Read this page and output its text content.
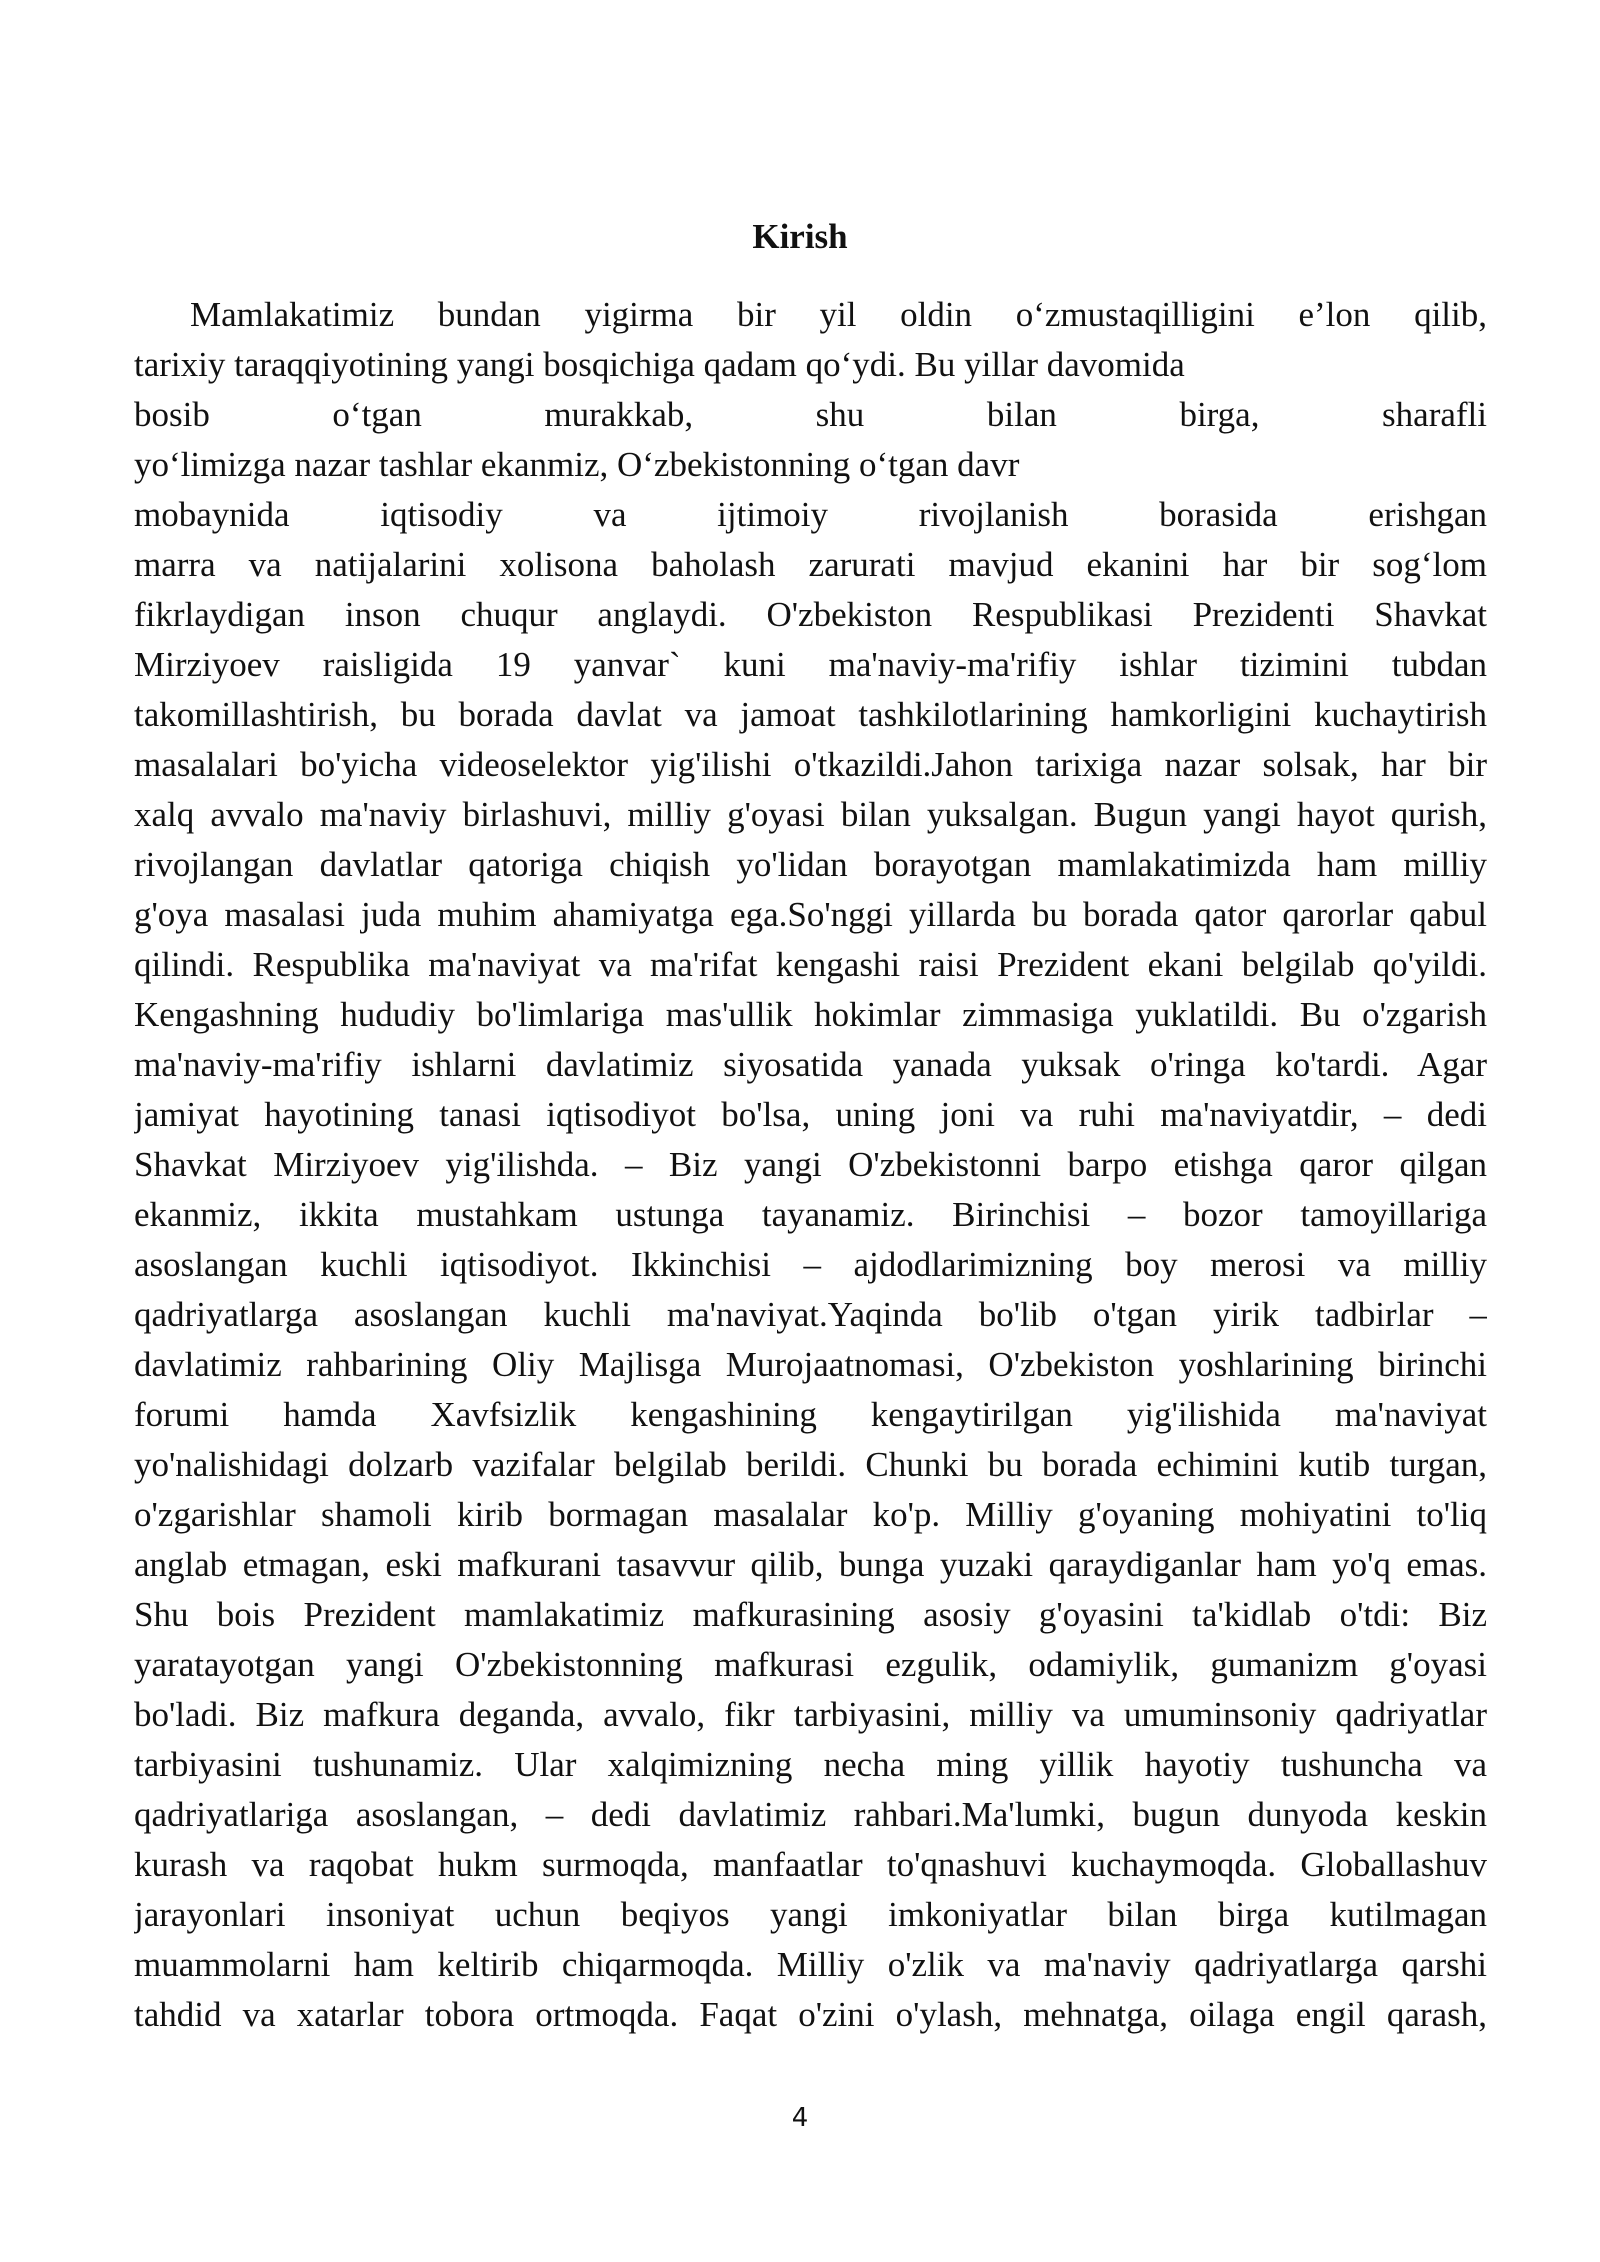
Kirish
Mamlakatimiz bundan yigirma bir yil oldin o‘zmustaqilligini e’lon qilib,
tarixiy taraqqiyotining yangi bosqichiga qadam qo‘ydi. Bu yillar davomida
bosib o‘tgan murakkab, shu bilan birga, sharafli
yo‘limizga nazar tashlar ekanmiz, O‘zbekistonning o‘tgan davr
mobaynida iqtisodiy va ijtimoiy rivojlanish borasida erishgan
marra va natijalarini xolisona baholash zarurati mavjud ekanini har bir sog‘lom
fikrlaydigan inson chuqur anglaydi. O'zbekiston Respublikasi Prezidenti Shavkat
Mirziyoev raisligida 19 yanvar` kuni ma'naviy-ma'rifiy ishlar tizimini tubdan
takomillashtirish, bu borada davlat va jamoat tashkilotlarining hamkorligini kuchaytirish
masalalari bo'yicha videoselektor yig'ilishi o'tkazildi.Jahon tarixiga nazar solsak, har bir
xalq avvalo ma'naviy birlashuvi, milliy g'oyasi bilan yuksalgan. Bugun yangi hayot qurish,
rivojlangan davlatlar qatoriga chiqish yo'lidan borayotgan mamlakatimizda ham milliy
g'oya masalasi juda muhim ahamiyatga ega.So'nggi yillarda bu borada qator qarorlar qabul
qilindi. Respublika ma'naviyat va ma'rifat kengashi raisi Prezident ekani belgilab qo'yildi.
Kengashning hududiy bo'limlariga mas'ullik hokimlar zimmasiga yuklatildi. Bu o'zgarish
ma'naviy-ma'rifiy ishlarni davlatimiz siyosatida yanada yuksak o'ringa ko'tardi. Agar
jamiyat hayotining tanasi iqtisodiyot bo'lsa, uning joni va ruhi ma'naviyatdir, – dedi
Shavkat Mirziyoev yig'ilishda. – Biz yangi O'zbekistonni barpo etishga qaror qilgan
ekanmiz, ikkita mustahkam ustunga tayanamiz. Birinchisi – bozor tamoyillariga
asoslangan kuchli iqtisodiyot. Ikkinchisi – ajdodlarimizning boy merosi va milliy
qadriyatlarga asoslangan kuchli ma'naviyat.Yaqinda bo'lib o'tgan yirik tadbirlar –
davlatimiz rahbarining Oliy Majlisga Murojaatnomasi, O'zbekiston yoshlarining birinchi
forumi hamda Xavfsizlik kengashining kengaytirilgan yig'ilishida ma'naviyat
yo'nalishidagi dolzarb vazifalar belgilab berildi. Chunki bu borada echimini kutib turgan,
o'zgarishlar shamoli kirib bormagan masalalar ko'p. Milliy g'oyaning mohiyatini to'liq
anglab etmagan, eski mafkurani tasavvur qilib, bunga yuzaki qaraydiganlar ham yo'q emas.
Shu bois Prezident mamlakatimiz mafkurasining asosiy g'oyasini ta'kidlab o'tdi: Biz
yaratayotgan yangi O'zbekistonning mafkurasi ezgulik, odamiylik, gumanizm g'oyasi
bo'ladi. Biz mafkura deganda, avvalo, fikr tarbiyasini, milliy va umuminsoniy qadriyatlar
tarbiyasini tushunamiz. Ular xalqimizning necha ming yillik hayotiy tushuncha va
qadriyatlariga asoslangan, – dedi davlatimiz rahbari.Ma'lumki, bugun dunyoda keskin
kurash va raqobat hukm surmoqda, manfaatlar to'qnashuvi kuchaymoqda. Globallashuv
jarayonlari insoniyat uchun beqiyos yangi imkoniyatlar bilan birga kutilmagan
muammolarni ham keltirib chiqarmoqda. Milliy o'zlik va ma'naviy qadriyatlarga qarshi
tahdid va xatarlar tobora ortmoqda. Faqat o'zini o'ylash, mehnatga, oilaga engil qarash,
4
